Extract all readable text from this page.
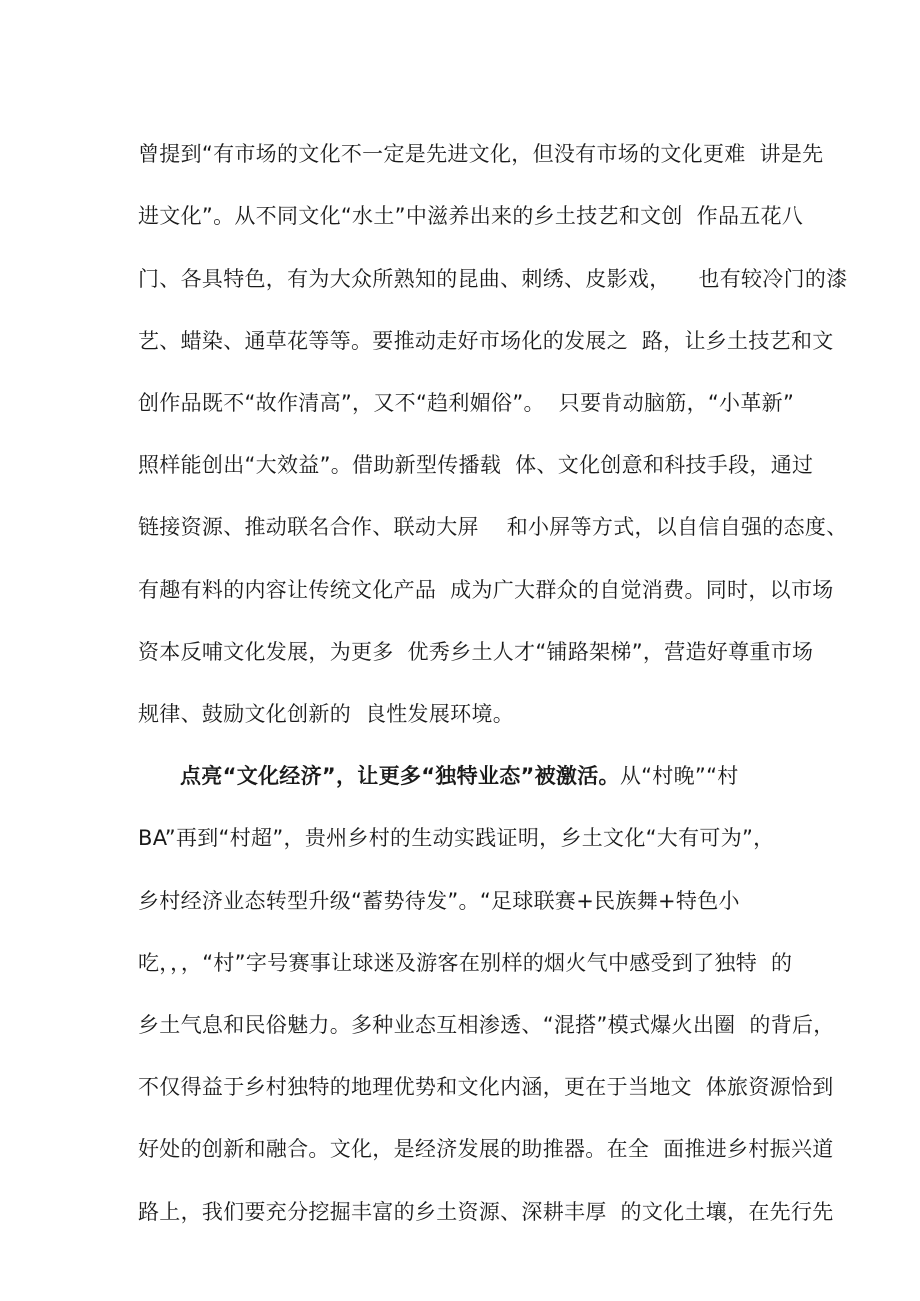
曾提到“有市场的文化不一定是先进文化，但没有市场的文化更难  讲是先
进文化”。从不同文化“水土”中滋养出来的乡土技艺和文创  作品五花八
门、各具特色，有为大众所熟知的昆曲、刺绣、皮影戏，    也有较冷门的漆
艺、蜡染、通草花等等。要推动走好市场化的发展之  路，让乡土技艺和文
创作品既不“故作清高”，又不“趋利媚俗”。  只要肯动脑筋，“小革新”
照样能创出“大效益”。借助新型传播载  体、文化创意和科技手段，通过
链接资源、推动联名合作、联动大屏    和小屏等方式，以自信自强的态度、
有趣有料的内容让传统文化产品  成为广大群众的自觉消费。同时，以市场
资本反哺文化发展，为更多  优秀乡土人才“铺路架梯”，营造好尊重市场
规律、鼓励文化创新的  良性发展环境。
点亮“文化经济”，让更多“独特业态”被激活。从“村晚”“村
BA”再到“村超”，贵州乡村的生动实践证明，乡土文化“大有可为”，
乡村经济业态转型升级“蓄势待发”。“足球联赛+民族舞+特色小
吃，，，“村”字号赛事让球迷及游客在别样的烟火气中感受到了独特  的
乡土气息和民俗魅力。多种业态互相渗透、“混搭”模式爆火出圈  的背后，
不仅得益于乡村独特的地理优势和文化内涵，更在于当地文  体旅资源恰到
好处的创新和融合。文化，是经济发展的助推器。在全  面推进乡村振兴道
路上，我们要充分挖掘丰富的乡土资源、深耕丰厚  的文化土壤，在先行先
